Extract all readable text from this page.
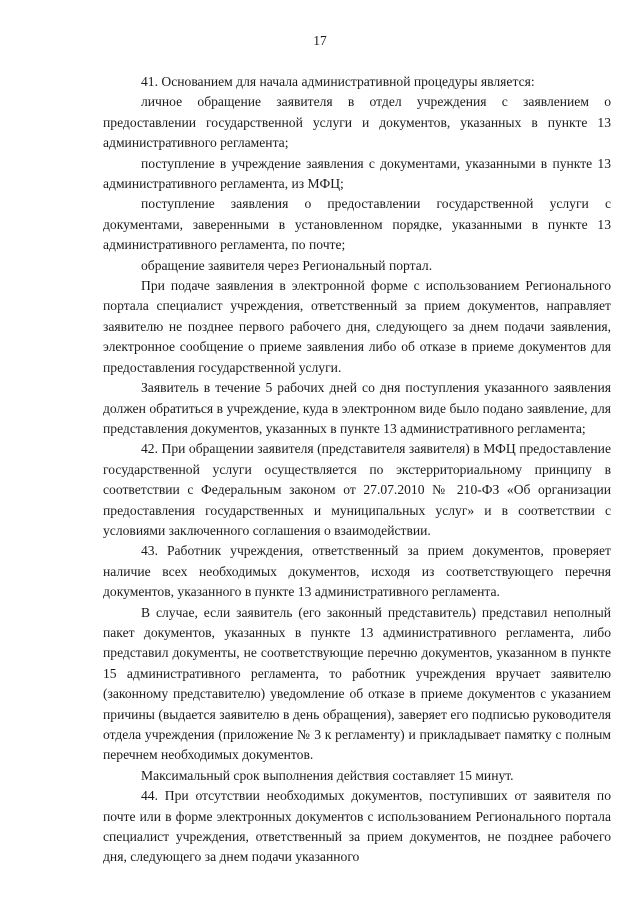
17

41. Основанием для начала административной процедуры является:

личное обращение заявителя в отдел учреждения с заявлением о предоставлении государственной услуги и документов, указанных в пункте 13 административного регламента;

поступление в учреждение заявления с документами, указанными в пункте 13 административного регламента, из МФЦ;

поступление заявления о предоставлении государственной услуги с документами, заверенными в установленном порядке, указанными в пункте 13 административного регламента, по почте;

обращение заявителя через Региональный портал.

При подаче заявления в электронной форме с использованием Регионального портала специалист учреждения, ответственный за прием документов, направляет заявителю не позднее первого рабочего дня, следующего за днем подачи заявления, электронное сообщение о приеме заявления либо об отказе в приеме документов для предоставления государственной услуги.

Заявитель в течение 5 рабочих дней со дня поступления указанного заявления должен обратиться в учреждение, куда в электронном виде было подано заявление, для представления документов, указанных в пункте 13 административного регламента;

42. При обращении заявителя (представителя заявителя) в МФЦ предоставление государственной услуги осуществляется по экстерриториальному принципу в соответствии с Федеральным законом от 27.07.2010 № 210-ФЗ «Об организации предоставления государственных и муниципальных услуг» и в соответствии с условиями заключенного соглашения о взаимодействии.

43. Работник учреждения, ответственный за прием документов, проверяет наличие всех необходимых документов, исходя из соответствующего перечня документов, указанного в пункте 13 административного регламента.

В случае, если заявитель (его законный представитель) представил неполный пакет документов, указанных в пункте 13 административного регламента, либо представил документы, не соответствующие перечню документов, указанном в пункте 15 административного регламента, то работник учреждения вручает заявителю (законному представителю) уведомление об отказе в приеме документов с указанием причины (выдается заявителю в день обращения), заверяет его подписью руководителя отдела учреждения (приложение № 3 к регламенту) и прикладывает памятку с полным перечнем необходимых документов.

Максимальный срок выполнения действия составляет 15 минут.

44. При отсутствии необходимых документов, поступивших от заявителя по почте или в форме электронных документов с использованием Регионального портала специалист учреждения, ответственный за прием документов, не позднее рабочего дня, следующего за днем подачи указанного
